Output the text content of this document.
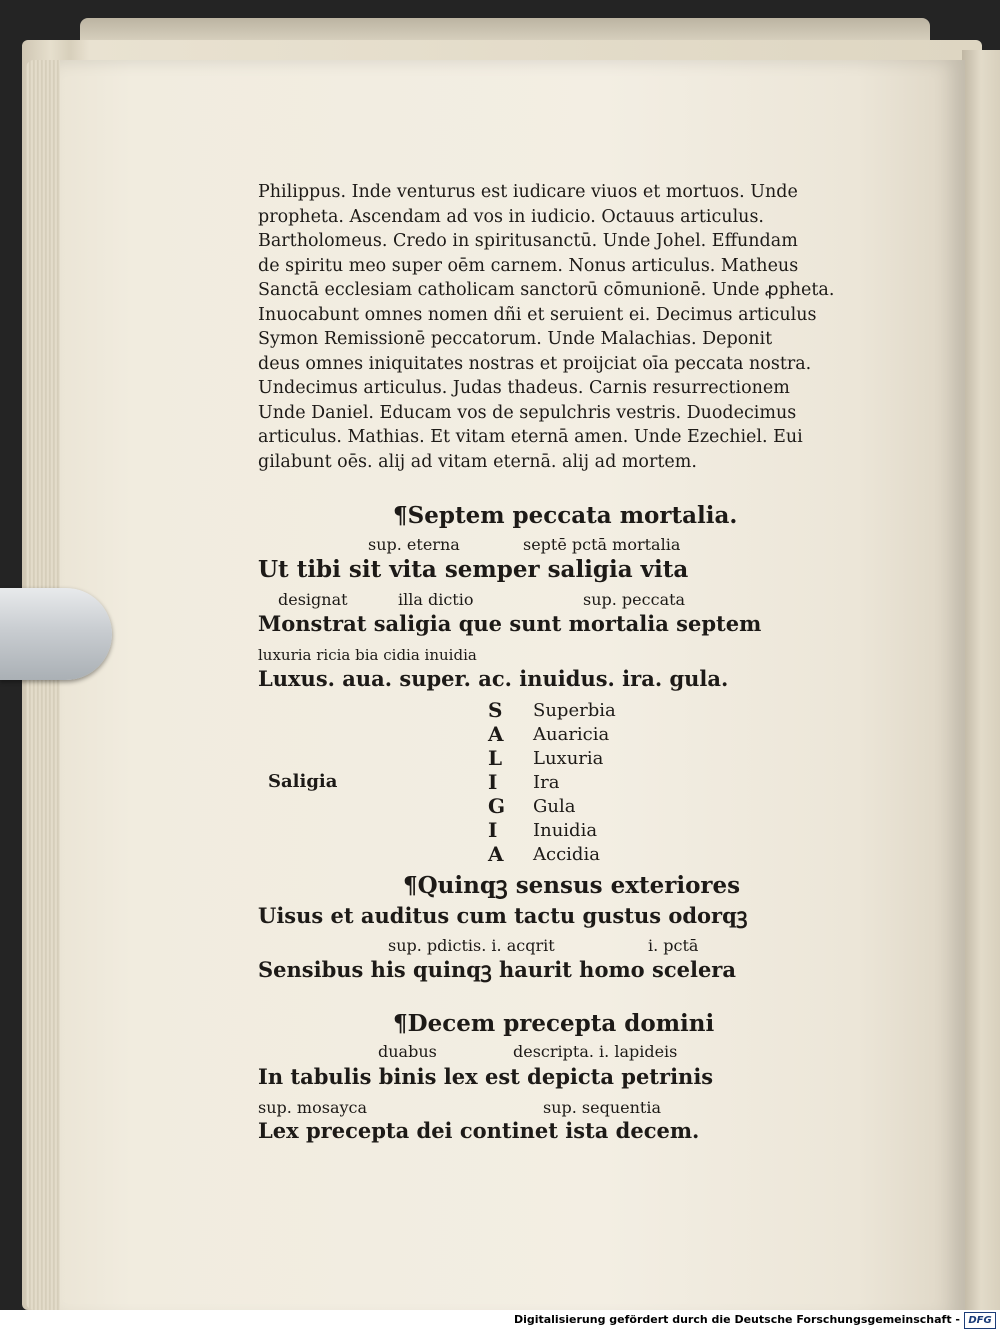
Philippus. Inde venturus est iudicare viuos et mortuos. Unde
propheta. Ascendam ad vos in iudicio. Octauus articulus.
Bartholomeus. Credo in spiritusanctū. Unde Johel. Effundam
de spiritu meo super oēm carnem. Nonus articulus. Matheus
Sanctā ecclesiam catholicam sanctorū cōmunionē. Unde ꝓpheta.
Inuocabunt omnes nomen dñi et seruient ei. Decimus articulus
Symon Remissionē peccatorum. Unde Malachias. Deponit
deus omnes iniquitates nostras et proijciat oīa peccata nostra.
Undecimus articulus. Judas thadeus. Carnis resurrectionem
Unde Daniel. Educam vos de sepulchris vestris. Duodecimus
articulus. Mathias. Et vitam eternā amen. Unde Ezechiel. Eui
gilabunt oēs. alij ad vitam eternā. alij ad mortem.
¶Septem peccata mortalia.
sup. eterna	septē pctā mortalia
Ut tibi sit vita semper saligia vita
designat	illa dictio	sup. peccata
Monstrat saligia que sunt mortalia septem
luxuria ricia bia cidia inuidia
Luxus. aua. super. ac. inuidus. ira. gula.
Saligia
S Superbia
A Auaricia
L Luxuria
I Ira
G Gula
I Inuidia
A Accidia
¶Quinqꝫ sensus exteriores
Uisus et auditus cum tactu gustus odorqꝫ
sup. pdictis. i. acqrit	i. pctā
Sensibus his quinqꝫ haurit homo scelera
¶Decem precepta domini
duabus	descripta. i. lapideis
In tabulis binis lex est depicta petrinis
sup. mosayca	sup. sequentia
Lex precepta dei continet ista decem.
Digitalisierung gefördert durch die Deutsche Forschungsgemeinschaft - DFG
